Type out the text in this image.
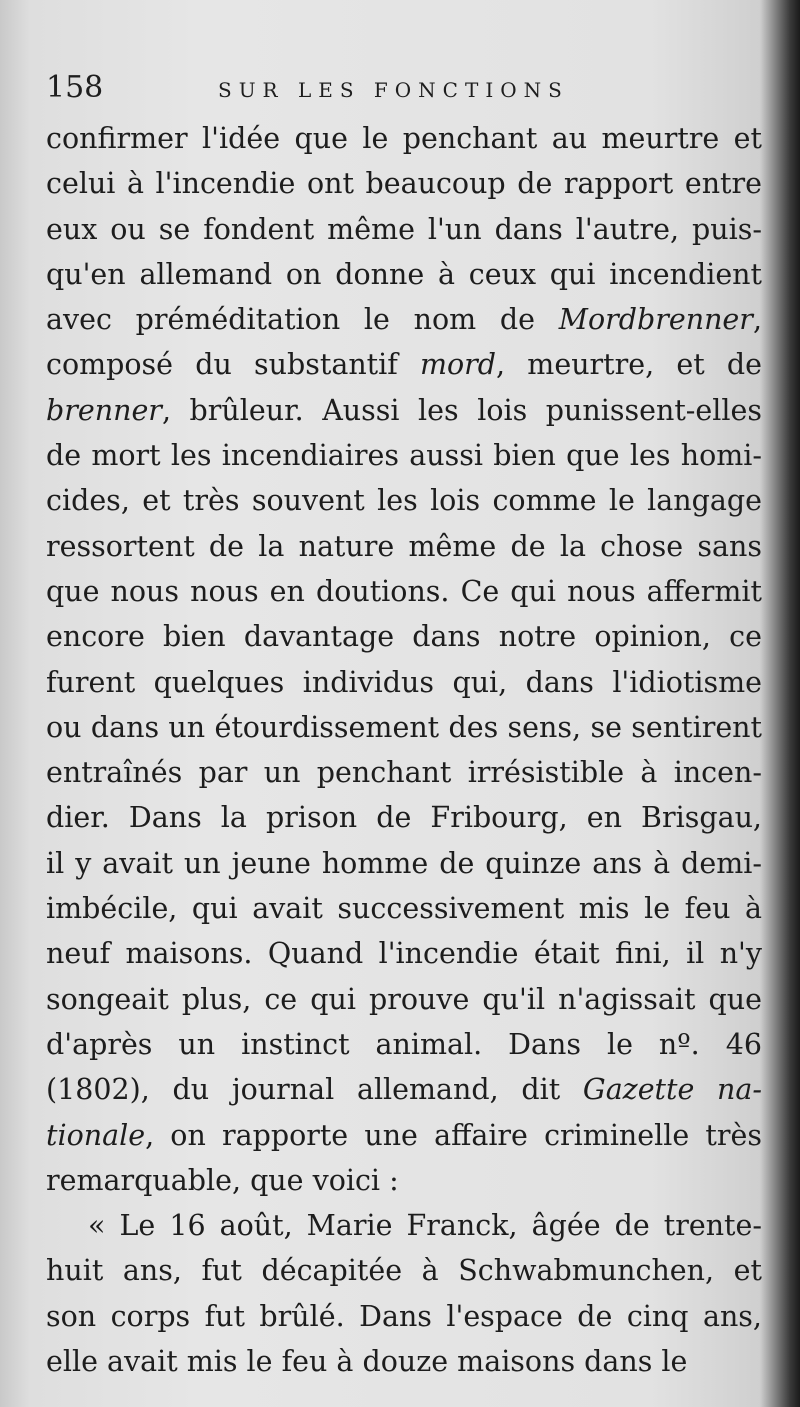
158	SUR LES FONCTIONS
confirmer l'idée que le penchant au meurtre et
celui à l'incendie ont beaucoup de rapport entre
eux ou se fondent même l'un dans l'autre, puis-
qu'en allemand on donne à ceux qui incendient
avec préméditation le nom de Mordbrenner,
composé du substantif mord, meurtre, et de
brenner, brûleur. Aussi les lois punissent-elles
de mort les incendiaires aussi bien que les homi-
cides, et très souvent les lois comme le langage
ressortent de la nature même de la chose sans
que nous nous en doutions. Ce qui nous affermit
encore bien davantage dans notre opinion, ce
furent quelques individus qui, dans l'idiotisme
ou dans un étourdissement des sens, se sentirent
entraînés par un penchant irrésistible à incen-
dier. Dans la prison de Fribourg, en Brisgau,
il y avait un jeune homme de quinze ans à demi-
imbécile, qui avait successivement mis le feu à
neuf maisons. Quand l'incendie était fini, il n'y
songeait plus, ce qui prouve qu'il n'agissait que
d'après un instinct animal. Dans le nº. 46
(1802), du journal allemand, dit Gazette na-
tionale, on rapporte une affaire criminelle très
remarquable, que voici :
« Le 16 août, Marie Franck, âgée de trente-
huit ans, fut décapitée à Schwabmunchen, et
son corps fut brûlé. Dans l'espace de cinq ans,
elle avait mis le feu à douze maisons dans le
